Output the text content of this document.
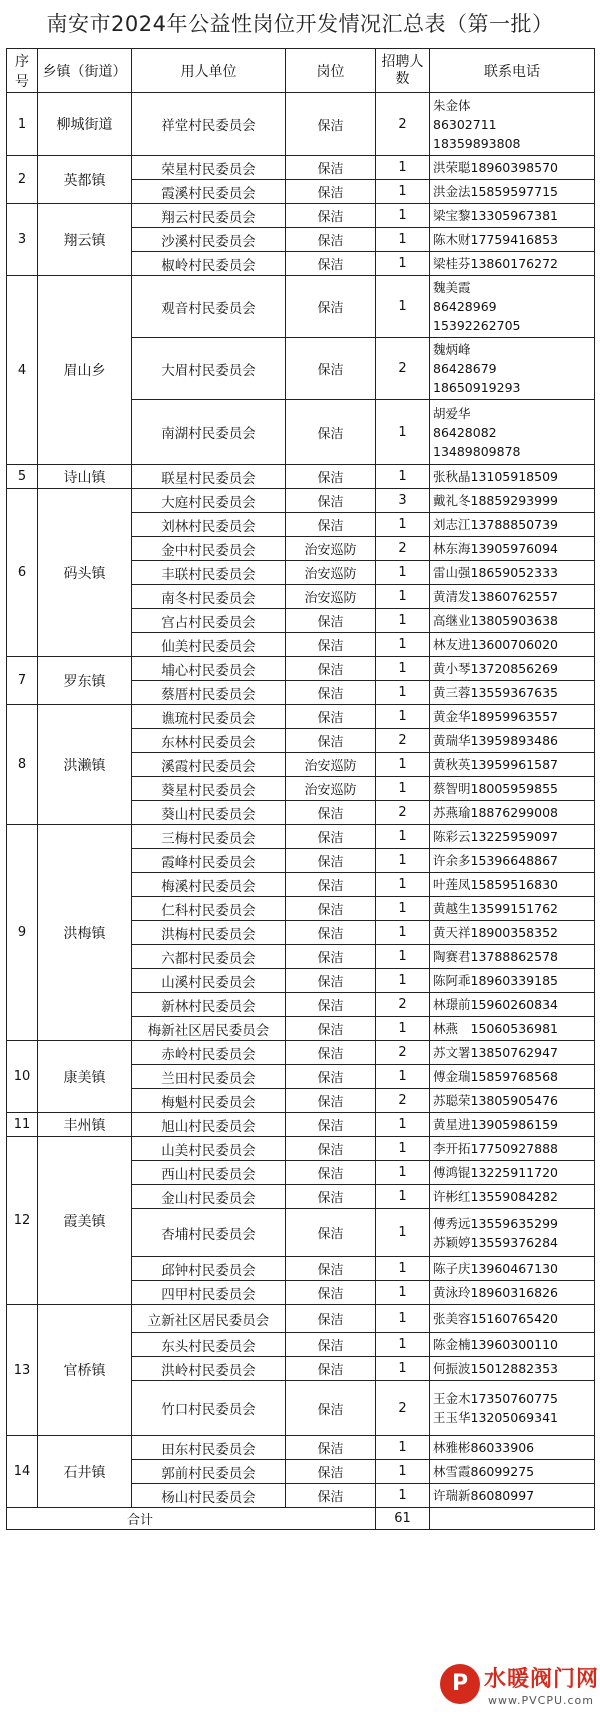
南安市2024年公益性岗位开发情况汇总表（第一批）
序号	乡镇（街道）	用人单位	岗位	招聘人数	联系电话
1	柳城街道	祥堂村民委员会	保洁	2	朱金体
86302711
18359893808

2	英都镇	荣星村民委员会	保洁	1	洪荣聪18960398570

		霞溪村民委员会	保洁	1	洪金法15859597715

3	翔云镇	翔云村民委员会	保洁	1	梁宝黎13305967381

		沙溪村民委员会	保洁	1	陈木财17759416853

		椒岭村民委员会	保洁	1	梁桂芬13860176272

4	眉山乡	观音村民委员会	保洁	1	魏美霞
86428969
15392262705

		大眉村民委员会	保洁	2	魏炳峰
86428679
18650919293

		南湖村民委员会	保洁	1	胡爱华
86428082
13489809878

5	诗山镇	联星村民委员会	保洁	1	张秋晶13105918509

6	码头镇	大庭村民委员会	保洁	3	戴礼冬18859293999

		刘林村民委员会	保洁	1	刘志江13788850739

		金中村民委员会	治安巡防	2	林东海13905976094

		丰联村民委员会	治安巡防	1	雷山强18659052333

		南冬村民委员会	治安巡防	1	黄清发13860762557

		宫占村民委员会	保洁	1	高继业13805903638

		仙美村民委员会	保洁	1	林友进13600706020

7	罗东镇	埔心村民委员会	保洁	1	黄小琴13720856269

		蔡厝村民委员会	保洁	1	黄三蓉13559367635

8	洪濑镇	谯琉村民委员会	保洁	1	黄金华18959963557

		东林村民委员会	保洁	2	黄瑞华13959893486

		溪霞村民委员会	治安巡防	1	黄秋英13959961587

		葵星村民委员会	治安巡防	1	蔡智明18005959855

		葵山村民委员会	保洁	2	苏燕瑜18876299008

9	洪梅镇	三梅村民委员会	保洁	1	陈彩云13225959097

		霞峰村民委员会	保洁	1	许余多15396648867

		梅溪村民委员会	保洁	1	叶莲凤15859516830

		仁科村民委员会	保洁	1	黄越生13599151762

		洪梅村民委员会	保洁	1	黄天祥18900358352

		六都村民委员会	保洁	1	陶赛君13788862578

		山溪村民委员会	保洁	1	陈阿乖18960339185

		新林村民委员会	保洁	2	林璟前15960260834

		梅新社区居民委员会	保洁	1	林燕　15060536981

10	康美镇	赤岭村民委员会	保洁	2	苏文署13850762947

		兰田村民委员会	保洁	1	傅金瑞15859768568

		梅魁村民委员会	保洁	2	苏聪荣13805905476

11	丰州镇	旭山村民委员会	保洁	1	黄星进13905986159

12	霞美镇	山美村民委员会	保洁	1	李开拓17750927888

		西山村民委员会	保洁	1	傅鸿锟13225911720

		金山村民委员会	保洁	1	许彬红13559084282

		杏埔村民委员会	保洁	1	傅秀远13559635299
苏颖婷13559376284

		邱钟村民委员会	保洁	1	陈子庆13960467130

		四甲村民委员会	保洁	1	黄泳玲18960316826

13	官桥镇	立新社区居民委员会	保洁	1	张美容15160765420

		东头村民委员会	保洁	1	陈金楠13960300110

		洪岭村民委员会	保洁	1	何振波15012882353

		竹口村民委员会	保洁	2	王金木17350760775
王玉华13205069341

14	石井镇	田东村民委员会	保洁	1	林雅彬86033906

		郭前村民委员会	保洁	1	林雪霞86099275

		杨山村民委员会	保洁	1	许瑞新86080997

合计				61	
P 水暖阀门网
www.PVCPU.com
